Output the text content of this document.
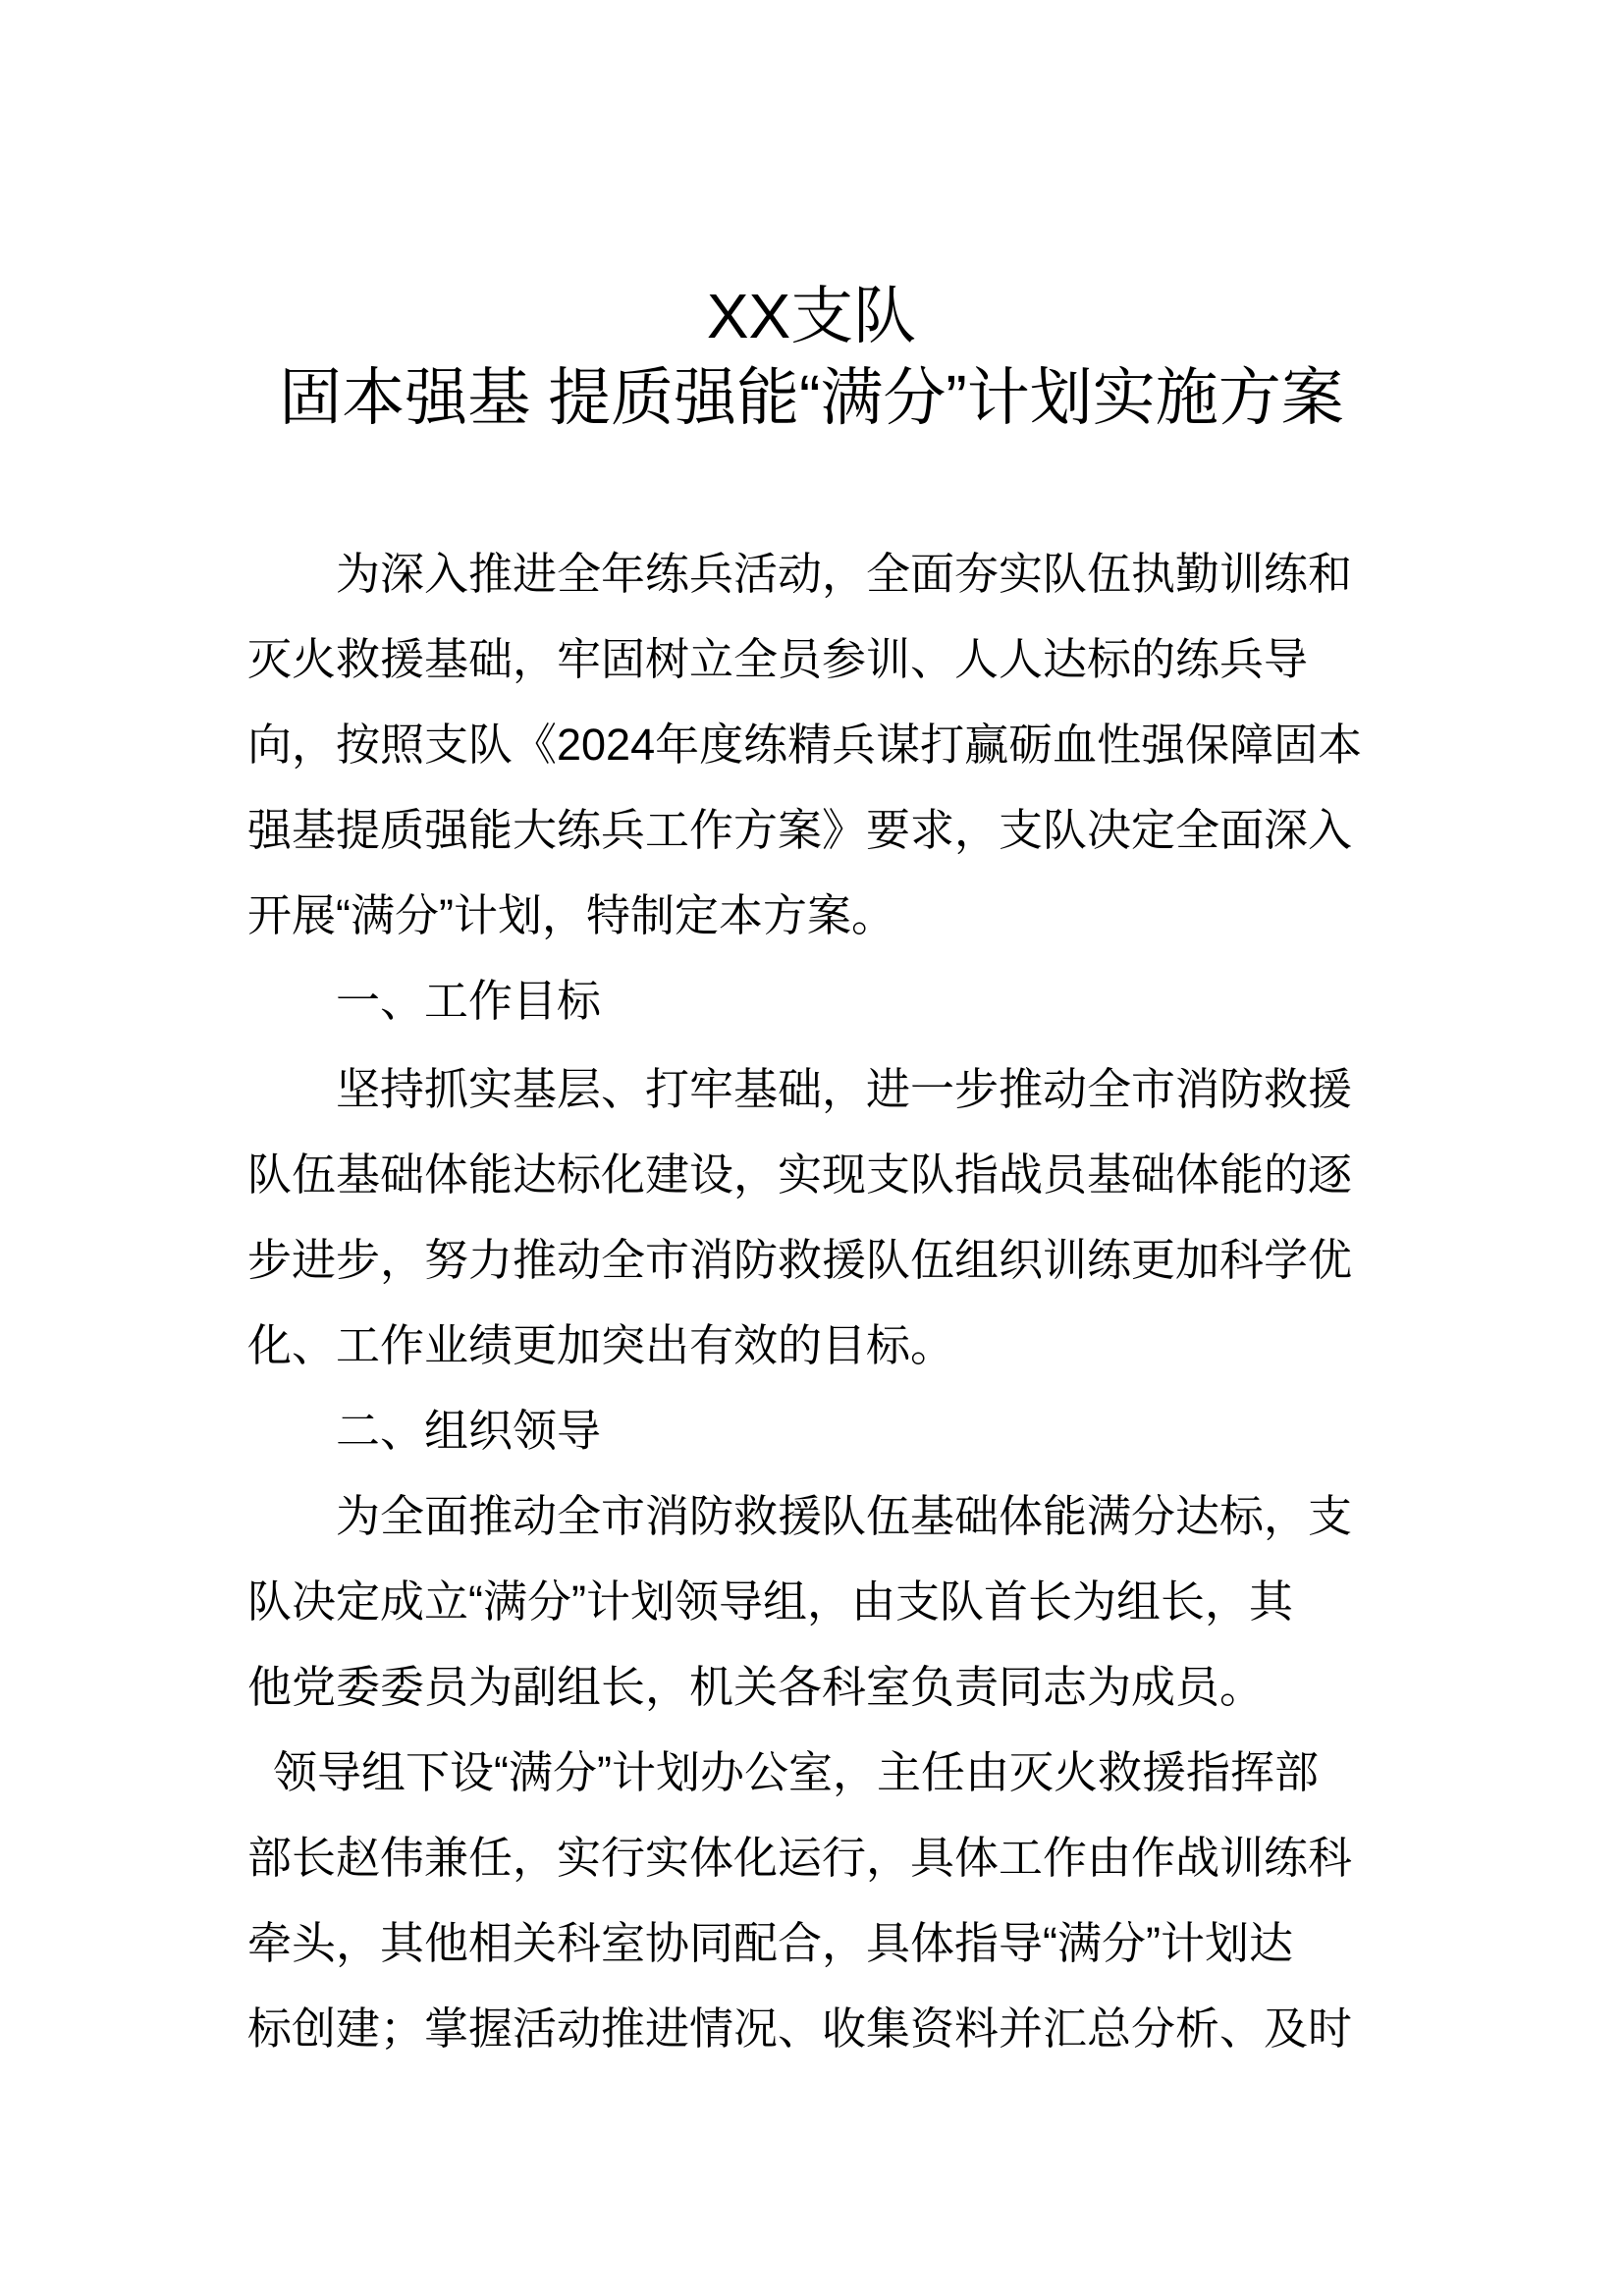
XX支队
固本强基 提质强能“满分”计划实施方案
为深入推进全年练兵活动，全面夯实队伍执勤训练和
灭火救援基础，牢固树立全员参训、人人达标的练兵导
向，按照支队《2024年度练精兵谋打赢砺血性强保障固本
强基提质强能大练兵工作方案》要求，支队决定全面深入
开展“满分”计划，特制定本方案。
一、工作目标
坚持抓实基层、打牢基础，进一步推动全市消防救援
队伍基础体能达标化建设，实现支队指战员基础体能的逐
步进步，努力推动全市消防救援队伍组织训练更加科学优
化、工作业绩更加突出有效的目标。
二、组织领导
为全面推动全市消防救援队伍基础体能满分达标，支
队决定成立“满分”计划领导组，由支队首长为组长，其
他党委委员为副组长，机关各科室负责同志为成员。
领导组下设“满分”计划办公室，主任由灭火救援指挥部
部长赵伟兼任，实行实体化运行，具体工作由作战训练科
牵头，其他相关科室协同配合，具体指导“满分”计划达
标创建；掌握活动推进情况、收集资料并汇总分析、及时
